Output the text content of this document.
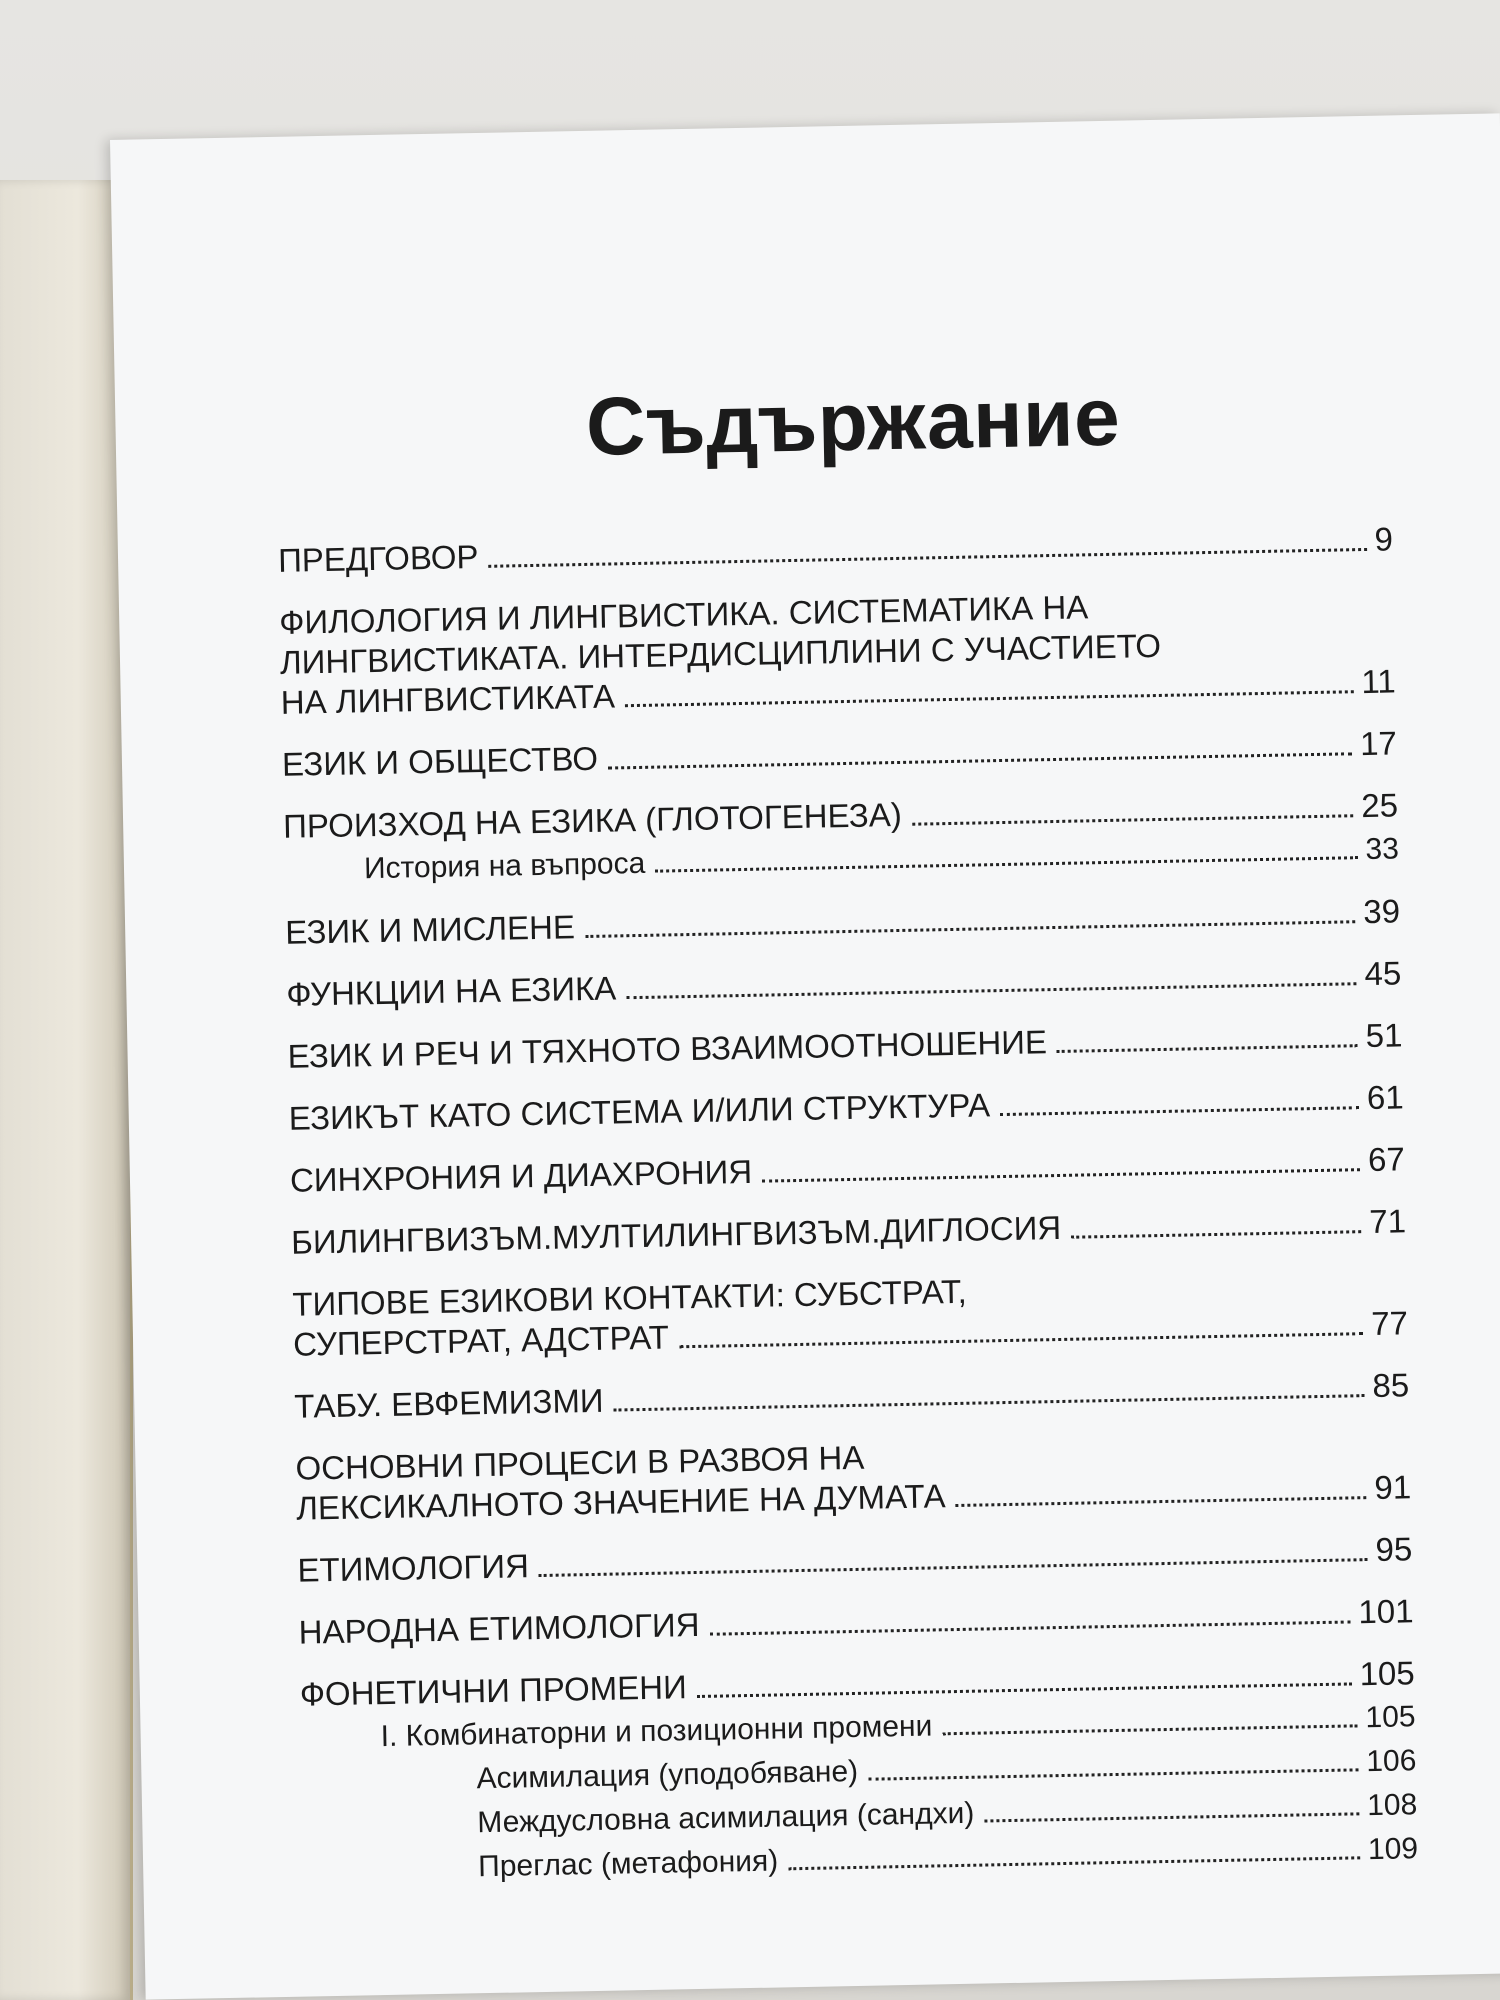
Съдържание
ПРЕДГОВОР	9
ФИЛОЛОГИЯ И ЛИНГВИСТИКА. СИСТЕМАТИКА НА
ЛИНГВИСТИКАТА. ИНТЕРДИСЦИПЛИНИ С УЧАСТИЕТО
НА ЛИНГВИСТИКАТА	11
ЕЗИК И ОБЩЕСТВО	17
ПРОИЗХОД НА ЕЗИКА (ГЛОТОГЕНЕЗА)	25
История на въпроса	33
ЕЗИК И МИСЛЕНЕ	39
ФУНКЦИИ НА ЕЗИКА	45
ЕЗИК И РЕЧ И ТЯХНОТО ВЗАИМООТНОШЕНИЕ	51
ЕЗИКЪТ КАТО СИСТЕМА И/ИЛИ СТРУКТУРА	61
СИНХРОНИЯ И ДИАХРОНИЯ	67
БИЛИНГВИЗЪМ.МУЛТИЛИНГВИЗЪМ.ДИГЛОСИЯ	71
ТИПОВЕ ЕЗИКОВИ КОНТАКТИ: СУБСТРАТ,
СУПЕРСТРАТ, АДСТРАТ	77
ТАБУ. ЕВФЕМИЗМИ	85
ОСНОВНИ ПРОЦЕСИ В РАЗВОЯ НА
ЛЕКСИКАЛНОТО ЗНАЧЕНИЕ НА ДУМАТА	91
ЕТИМОЛОГИЯ	95
НАРОДНА ЕТИМОЛОГИЯ	101
ФОНЕТИЧНИ ПРОМЕНИ	105
I. Комбинаторни и позиционни промени	105
Асимилация (уподобяване)	106
Междусловна асимилация (сандхи)	108
Преглас (метафония)	109
